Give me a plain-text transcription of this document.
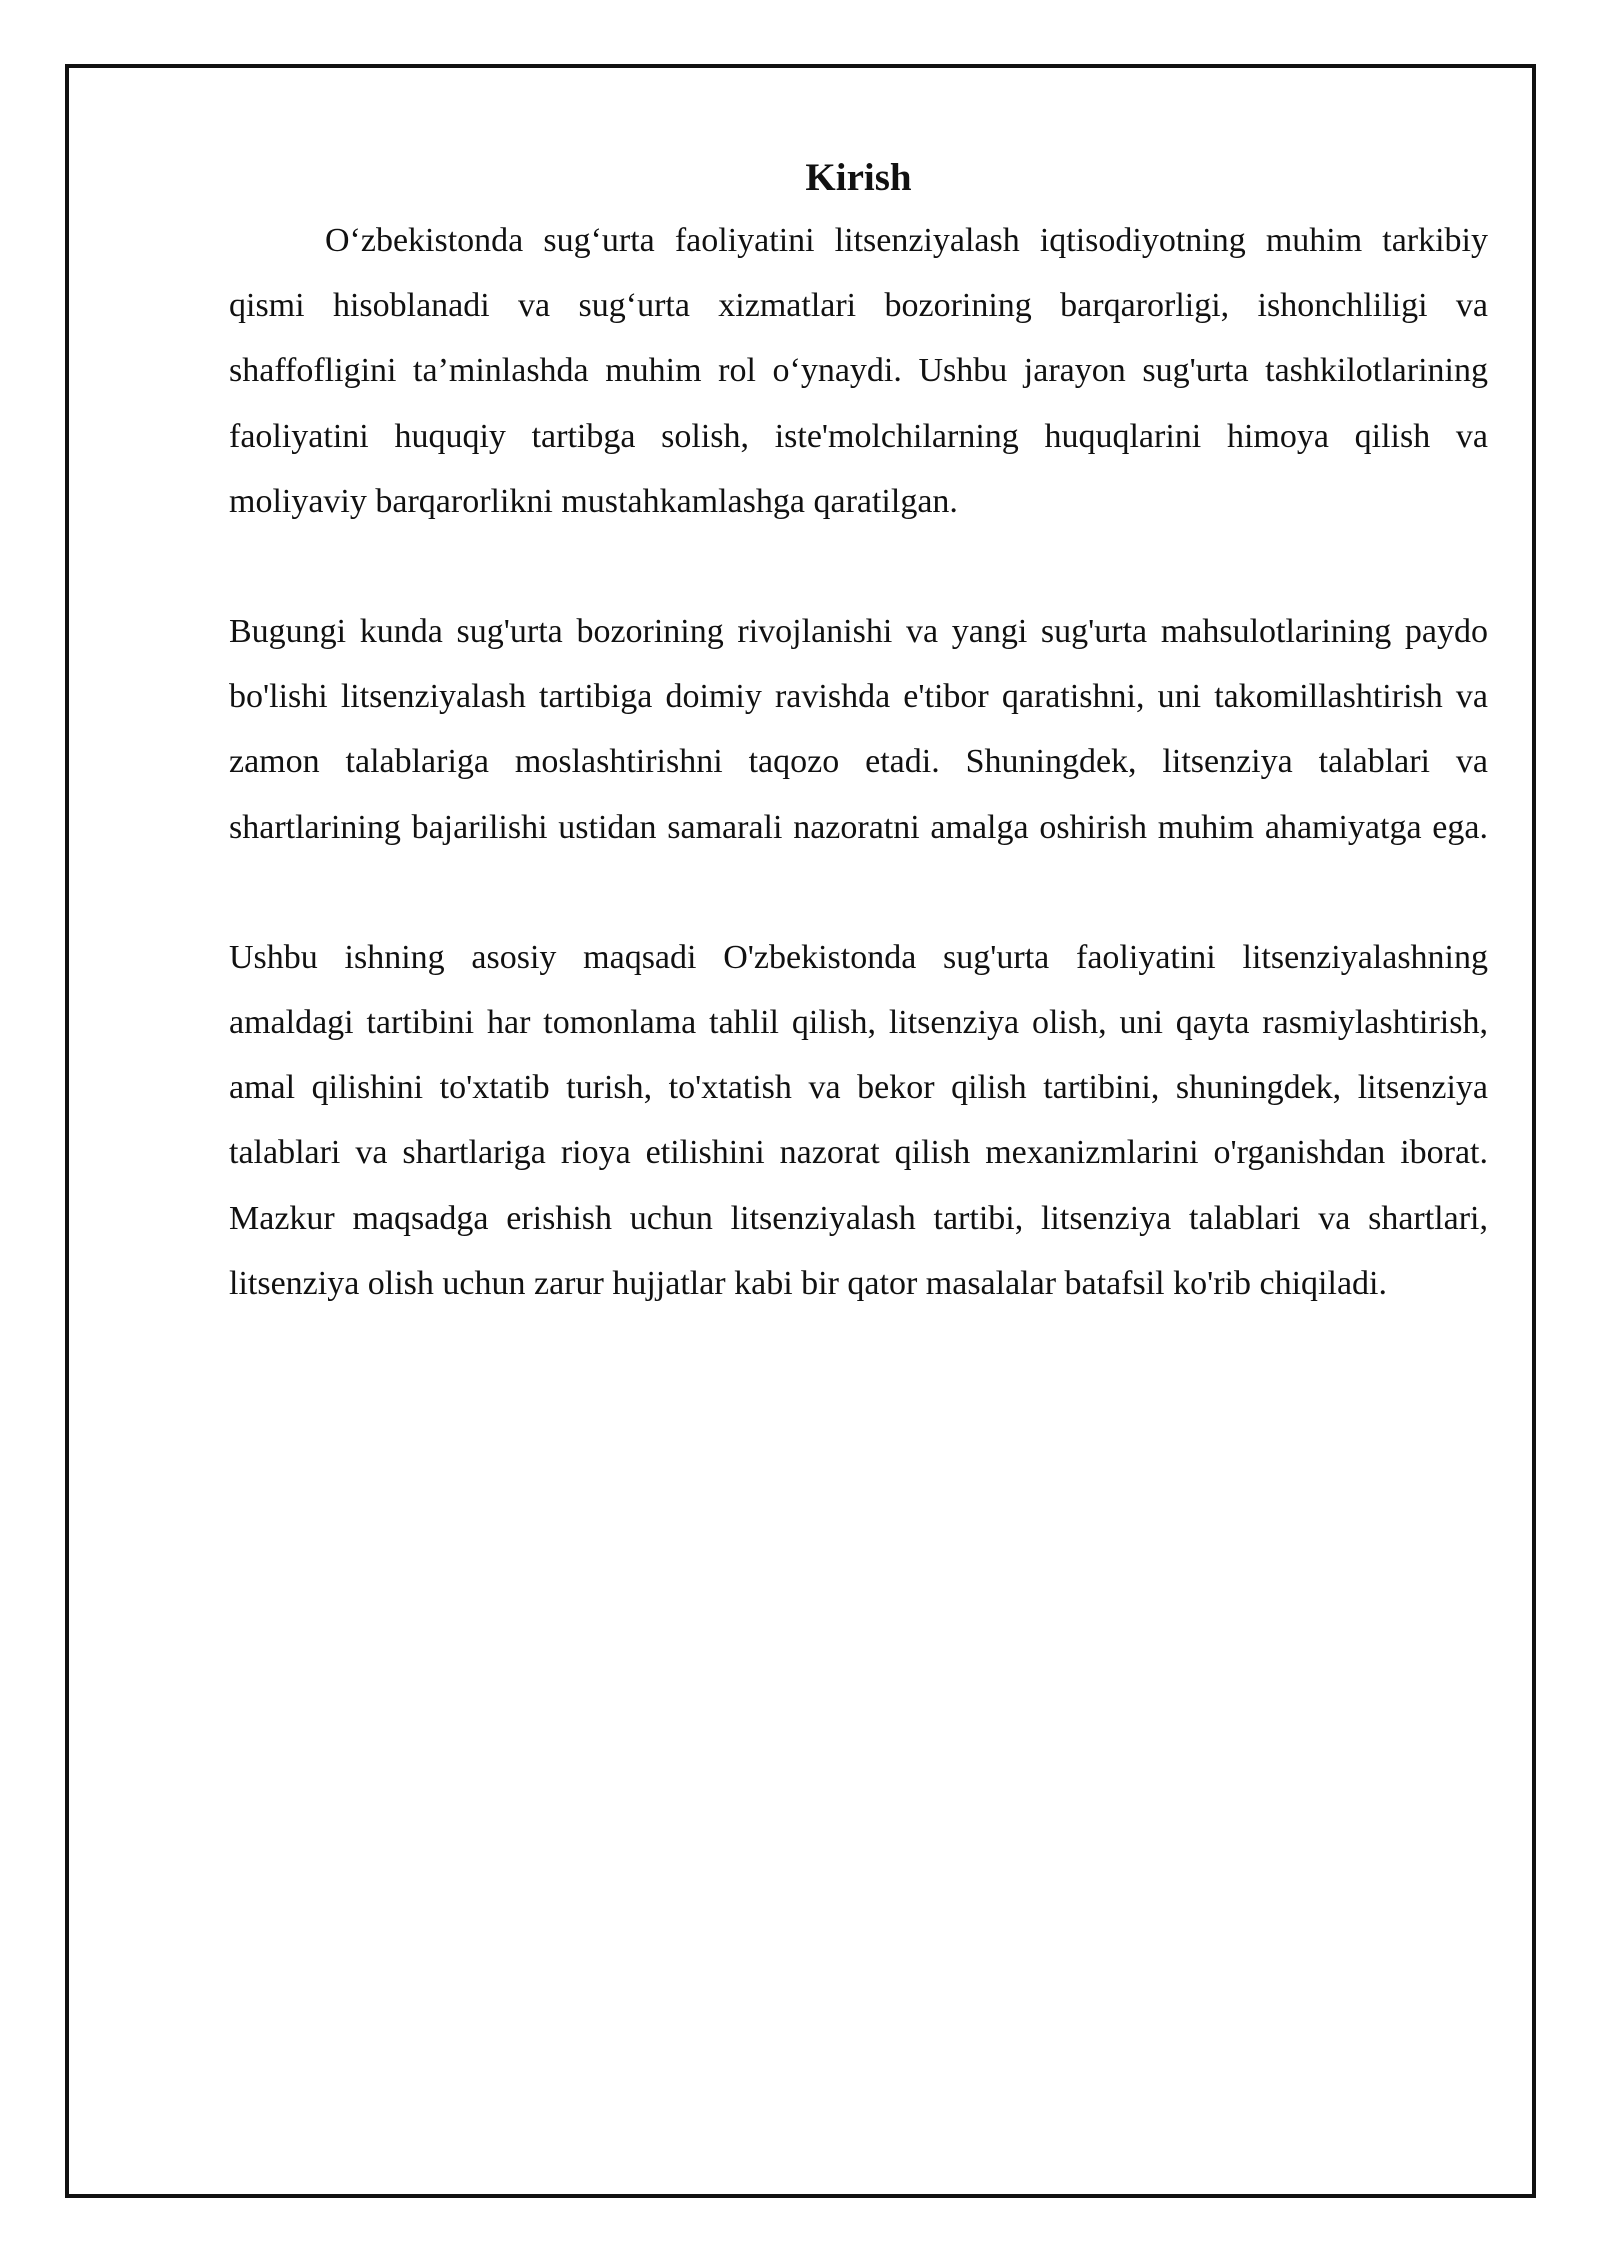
Kirish

O‘zbekistonda sug‘urta faoliyatini litsenziyalash iqtisodiyotning muhim tarkibiy qismi hisoblanadi va sug‘urta xizmatlari bozorining barqarorligi, ishonchliligi va shaffofligini ta’minlashda muhim rol o‘ynaydi. Ushbu jarayon sug'urta tashkilotlarining faoliyatini huquqiy tartibga solish, iste'molchilarning huquqlarini himoya qilish va moliyaviy barqarorlikni mustahkamlashga qaratilgan.

Bugungi kunda sug'urta bozorining rivojlanishi va yangi sug'urta mahsulotlarining paydo bo'lishi litsenziyalash tartibiga doimiy ravishda e'tibor qaratishni, uni takomillashtirish va zamon talablariga moslashtirishni taqozo etadi. Shuningdek, litsenziya talablari va shartlarining bajarilishi ustidan samarali nazoratni amalga oshirish muhim ahamiyatga ega.

Ushbu ishning asosiy maqsadi O'zbekistonda sug'urta faoliyatini litsenziyalashning amaldagi tartibini har tomonlama tahlil qilish, litsenziya olish, uni qayta rasmiylashtirish, amal qilishini to'xtatib turish, to'xtatish va bekor qilish tartibini, shuningdek, litsenziya talablari va shartlariga rioya etilishini nazorat qilish mexanizmlarini o'rganishdan iborat. Mazkur maqsadga erishish uchun litsenziyalash tartibi, litsenziya talablari va shartlari, litsenziya olish uchun zarur hujjatlar kabi bir qator masalalar batafsil ko'rib chiqiladi.
